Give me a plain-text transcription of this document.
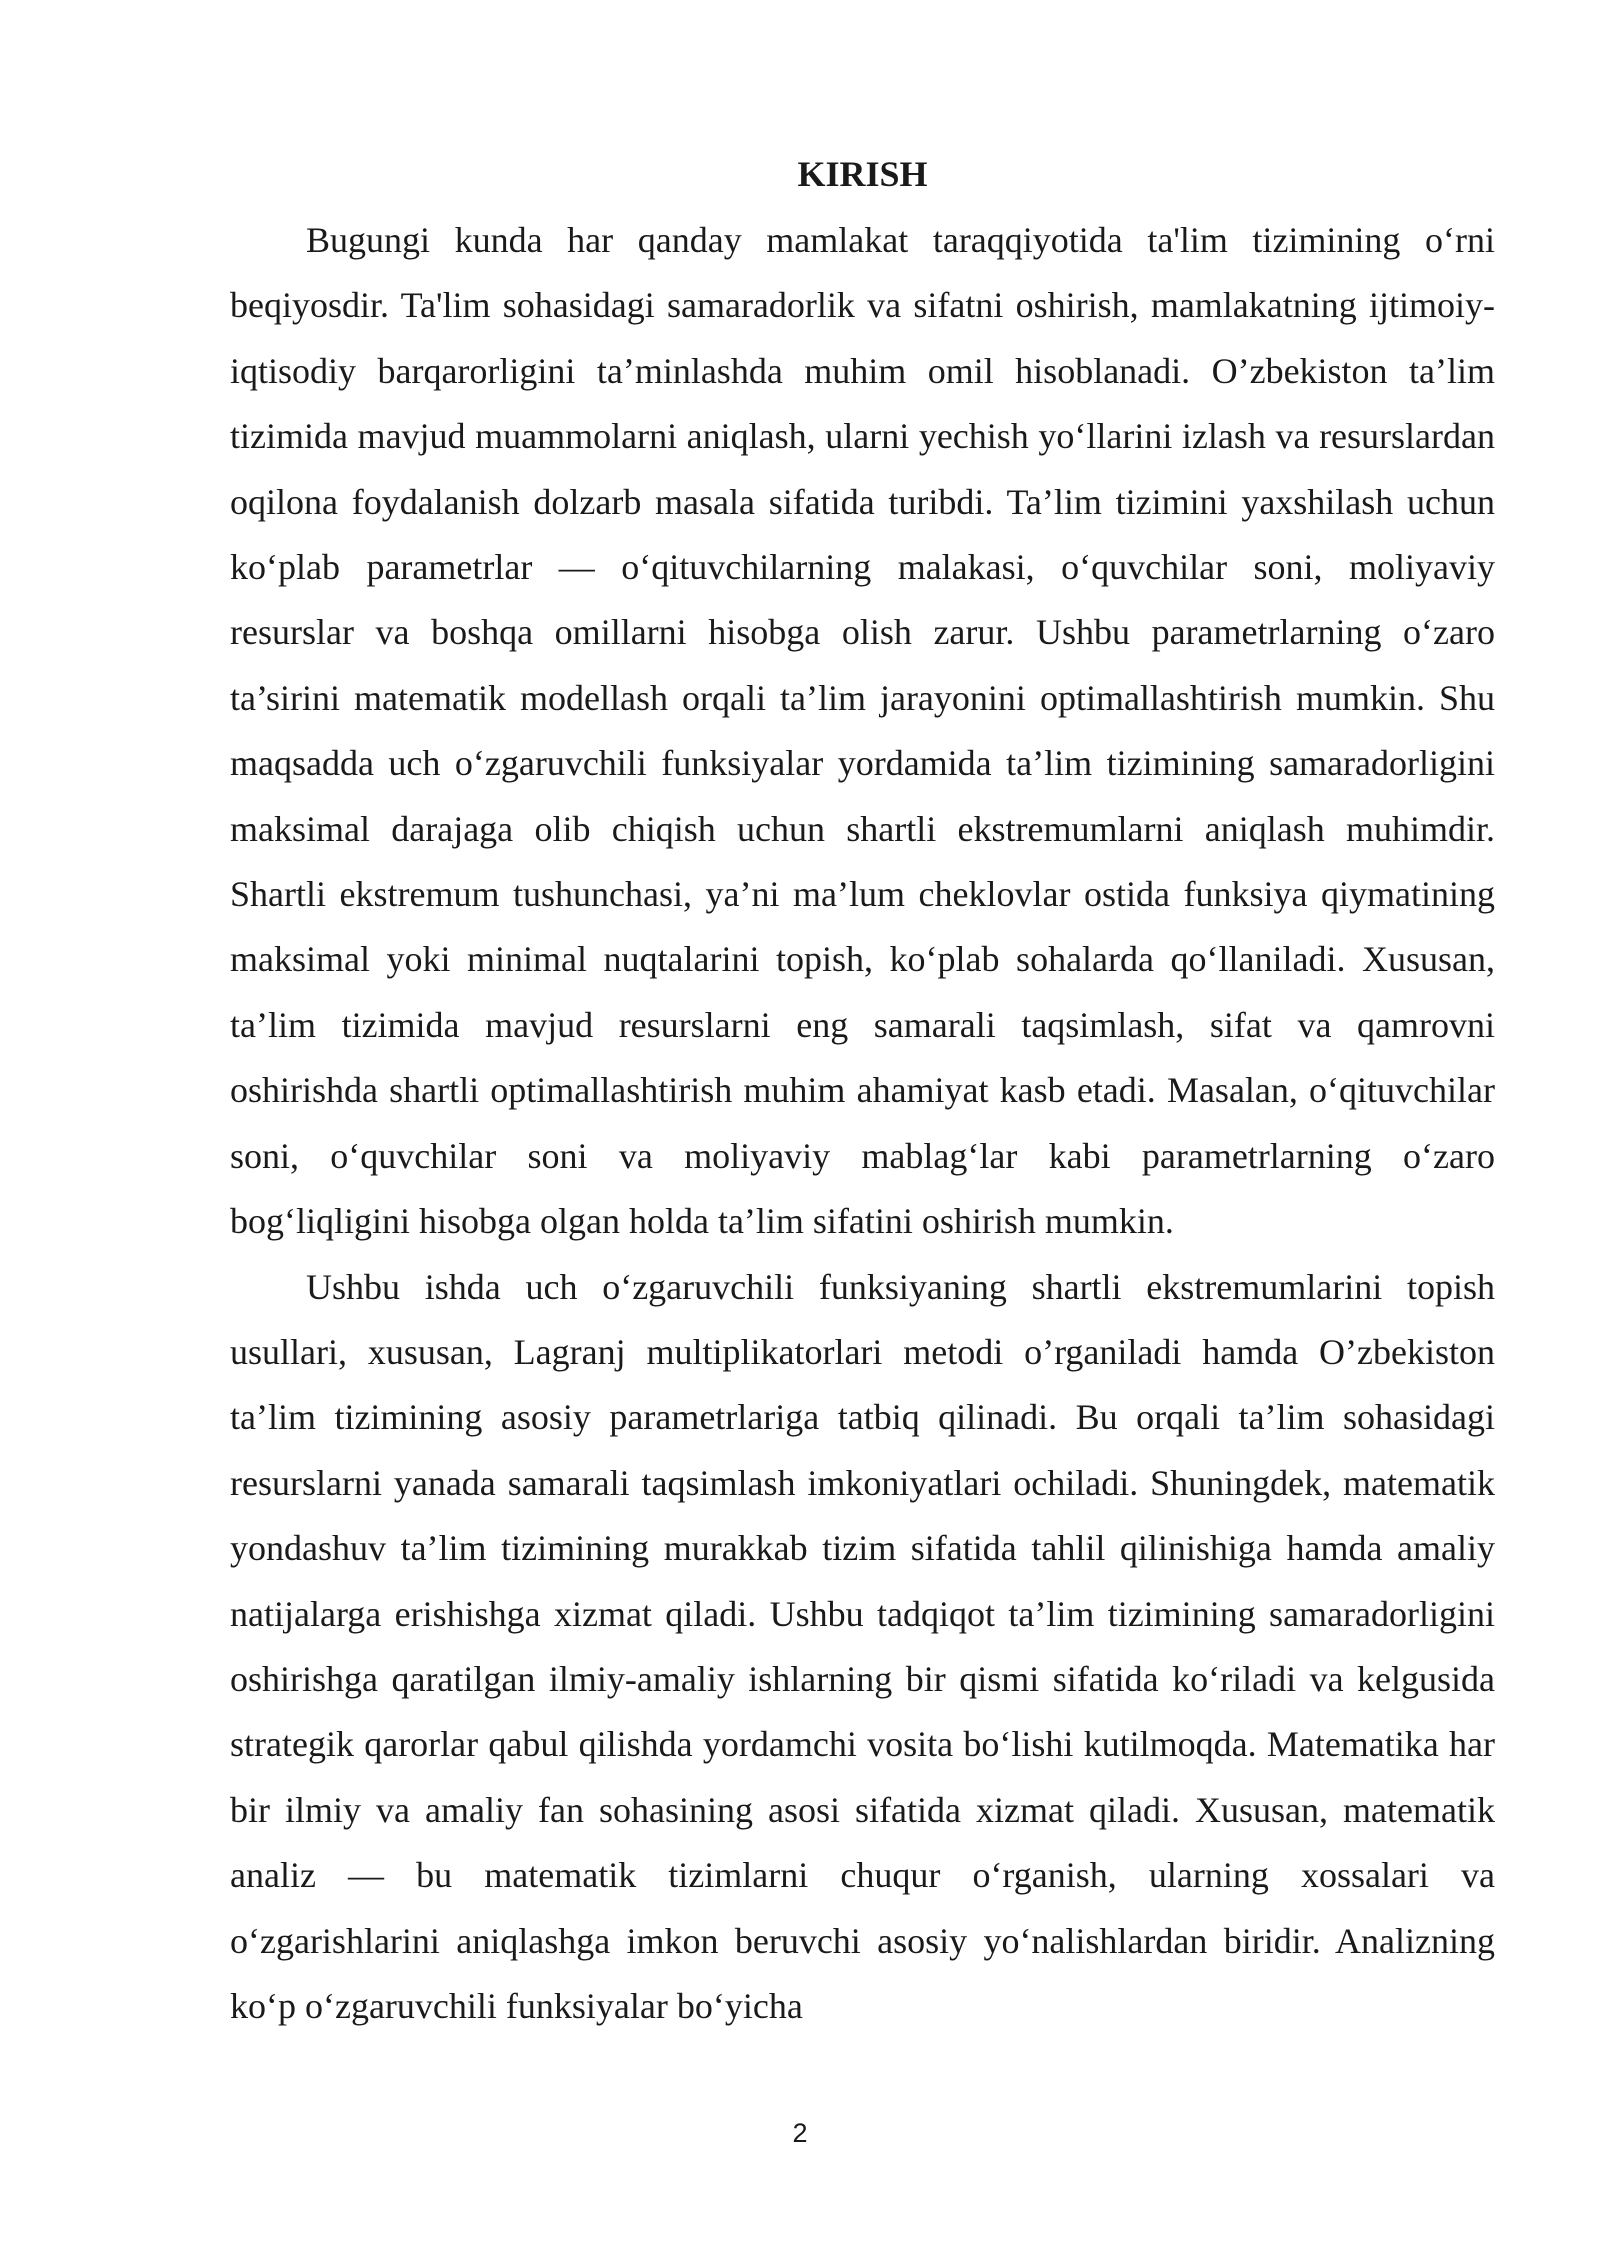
KIRISH

Bugungi kunda har qanday mamlakat taraqqiyotida ta'lim tizimining oʻrni beqiyosdir. Ta'lim sohasidagi samaradorlik va sifatni oshirish, mamlakatning ijtimoiy-iqtisodiy barqarorligini taʼminlashda muhim omil hisoblanadi. O’zbekiston ta’lim tizimida mavjud muammolarni aniqlash, ularni yechish yoʻllarini izlash va resurslardan oqilona foydalanish dolzarb masala sifatida turibdi. Ta’lim tizimini yaxshilash uchun koʻplab parametrlar — oʻqituvchilarning malakasi, oʻquvchilar soni, moliyaviy resurslar va boshqa omillarni hisobga olish zarur. Ushbu parametrlarning oʻzaro ta’sirini matematik modellash orqali ta’lim jarayonini optimallashtirish mumkin. Shu maqsadda uch oʻzgaruvchili funksiyalar yordamida ta’lim tizimining samaradorligini maksimal darajaga olib chiqish uchun shartli ekstremumlarni aniqlash muhimdir. Shartli ekstremum tushunchasi, ya’ni ma’lum cheklovlar ostida funksiya qiymatining maksimal yoki minimal nuqtalarini topish, koʻplab sohalarda qoʻllaniladi. Xususan, ta’lim tizimida mavjud resurslarni eng samarali taqsimlash, sifat va qamrovni oshirishda shartli optimallashtirish muhim ahamiyat kasb etadi. Masalan, oʻqituvchilar soni, oʻquvchilar soni va moliyaviy mablagʻlar kabi parametrlarning oʻzaro bogʻliqligini hisobga olgan holda ta’lim sifatini oshirish mumkin.

Ushbu ishda uch oʻzgaruvchili funksiyaning shartli ekstremumlarini topish usullari, xususan, Lagranj multiplikatorlari metodi o’rganiladi hamda O’zbekiston ta’lim tizimining asosiy parametrlariga tatbiq qilinadi. Bu orqali ta’lim sohasidagi resurslarni yanada samarali taqsimlash imkoniyatlari ochiladi. Shuningdek, matematik yondashuv ta’lim tizimining murakkab tizim sifatida tahlil qilinishiga hamda amaliy natijalarga erishishga xizmat qiladi. Ushbu tadqiqot ta’lim tizimining samaradorligini oshirishga qaratilgan ilmiy-amaliy ishlarning bir qismi sifatida koʻriladi va kelgusida strategik qarorlar qabul qilishda yordamchi vosita boʻlishi kutilmoqda. Matematika har bir ilmiy va amaliy fan sohasining asosi sifatida xizmat qiladi. Xususan, matematik analiz — bu matematik tizimlarni chuqur oʻrganish, ularning xossalari va oʻzgarishlarini aniqlashga imkon beruvchi asosiy yoʻnalishlardan biridir. Analizning koʻp oʻzgaruvchili funksiyalar boʻyicha

2
